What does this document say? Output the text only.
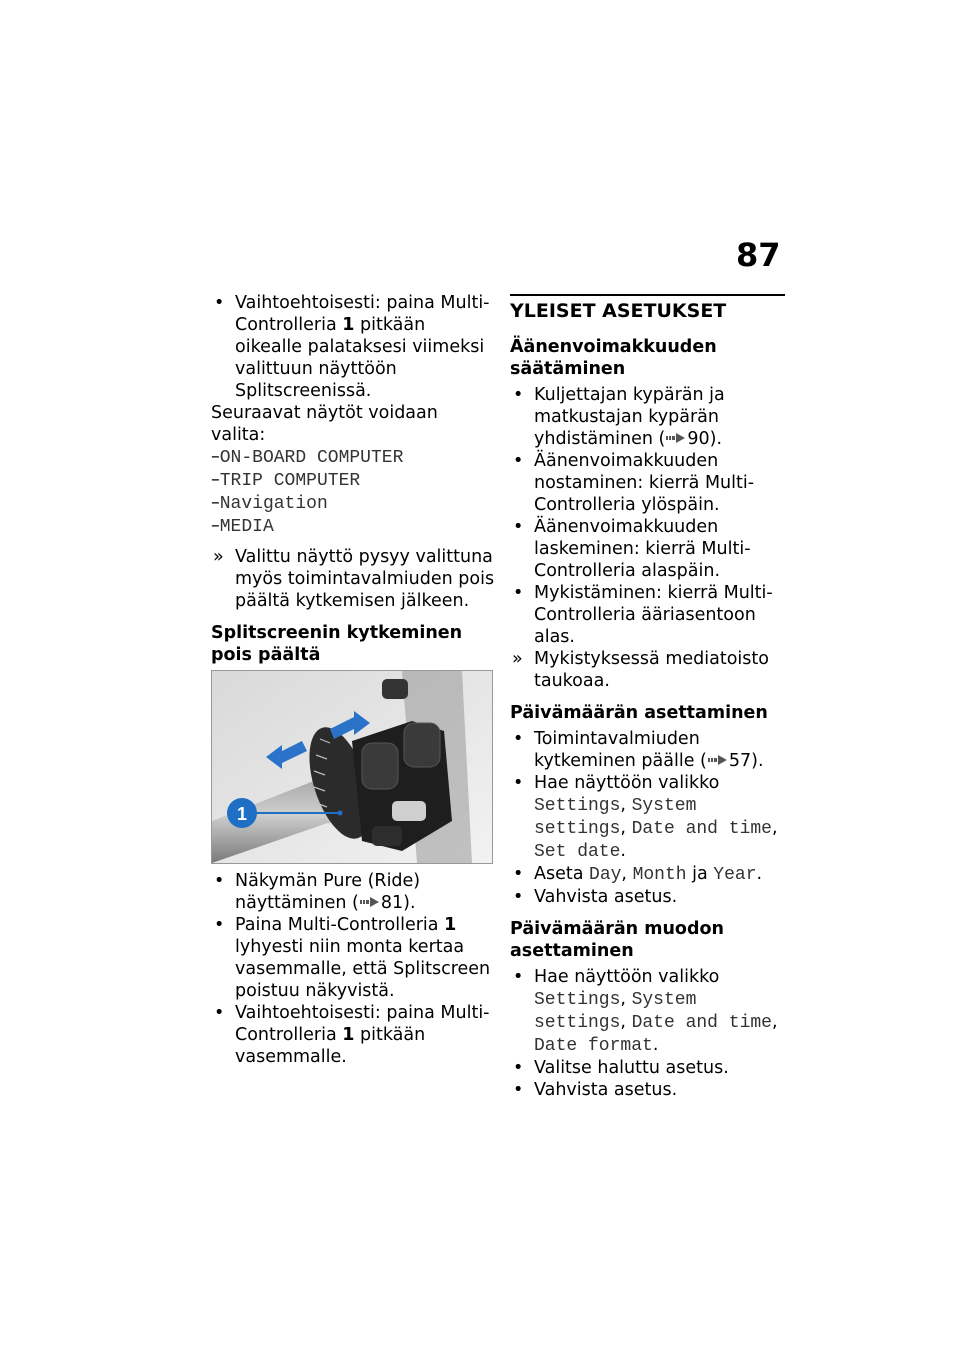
87
Vaihtoehtoisesti: paina Multi-Controlleria 1 pitkään oikealle palataksesi viimeksi valittuun näyttöön Splitscreenissä.
Seuraavat näytöt voidaan valita:
–ON-BOARD COMPUTER
–TRIP COMPUTER
–Navigation
–MEDIA
Valittu näyttö pysyy valittuna myös toimintavalmiuden pois päältä kytkemisen jälkeen.
Splitscreenin kytkeminen pois päältä
1
Näkymän Pure (Ride) näyttäminen ( 81).
Paina Multi-Controlleria 1 lyhyesti niin monta kertaa vasemmalle, että Splitscreen poistuu näkyvistä.
Vaihtoehtoisesti: paina Multi-Controlleria 1 pitkään vasemmalle.
YLEISET ASETUKSET
Äänenvoimakkuuden säätäminen
Kuljettajan kypärän ja matkustajan kypärän yhdistäminen ( 90).
Äänenvoimakkuuden nostaminen: kierrä Multi-Controlleria ylöspäin.
Äänenvoimakkuuden laskeminen: kierrä Multi-Controlleria alaspäin.
Mykistäminen: kierrä Multi-Controlleria ääriasentoon alas.
Mykistyksessä mediatoisto taukoaa.
Päivämäärän asettaminen
Toimintavalmiuden kytkeminen päälle ( 57).
Hae näyttöön valikko Settings, System settings, Date and time, Set date.
Aseta Day, Month ja Year.
Vahvista asetus.
Päivämäärän muodon asettaminen
Hae näyttöön valikko Settings, System settings, Date and time, Date format.
Valitse haluttu asetus.
Vahvista asetus.
